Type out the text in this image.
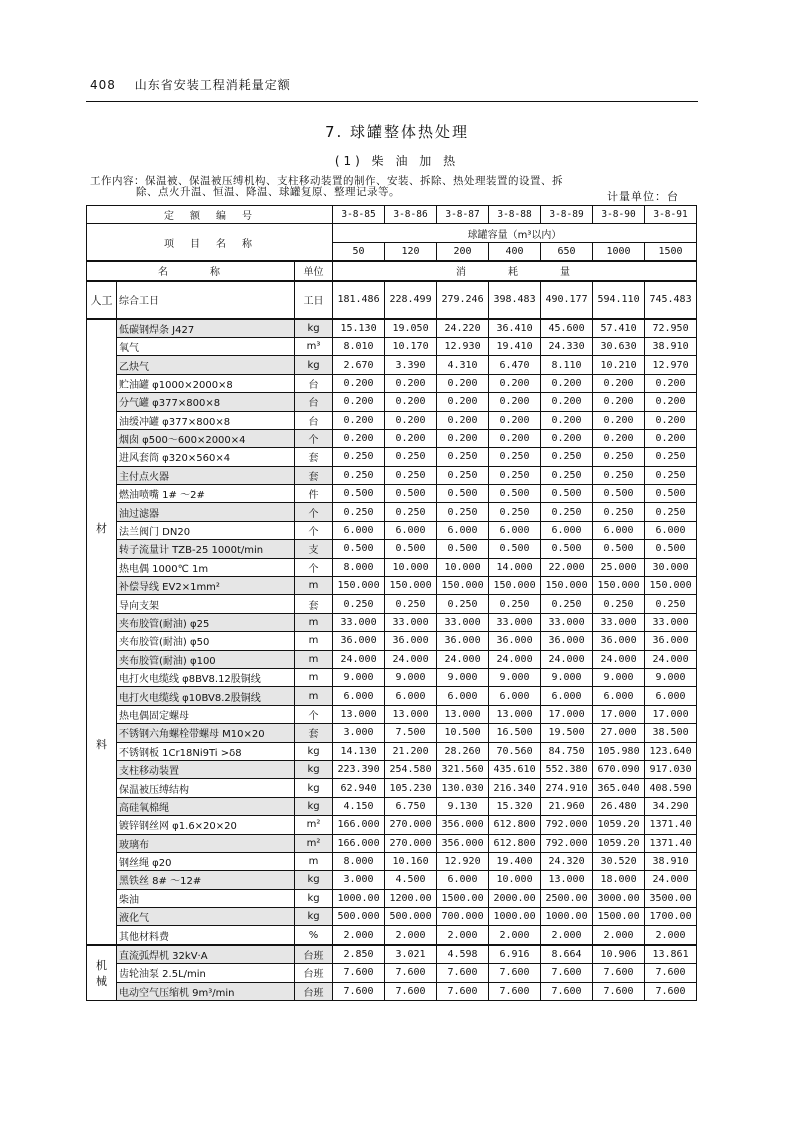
408 山东省安装工程消耗量定额
7. 球罐整体热处理
(1) 柴 油 加 热
工作内容：保温被、保温被压缚机构、支柱移动装置的制作、安装、拆除、热处理装置的设置、拆
除、点火升温、恒温、降温、球罐复原、整理记录等。	计量单位：台
定　额　编　号			3-8-85	3-8-86	3-8-87	3-8-88	3-8-89	3-8-90	3-8-91
项　目　名　称			球罐容量（m³以内）						
			50	120	200	400	650	1000	1500
名　　　称		单位	消　　　耗　　　量						
人工	综合工日	工日	181.486	228.499	279.246	398.483	490.177	594.110	745.483

材
料	低碳钢焊条 J427	kg	15.130	19.050	24.220	36.410	45.600	57.410	72.950
	氧气	m³	8.010	10.170	12.930	19.410	24.330	30.630	38.910
	乙炔气	kg	2.670	3.390	4.310	6.470	8.110	10.210	12.970
	贮油罐 φ1000×2000×8	台	0.200	0.200	0.200	0.200	0.200	0.200	0.200
	分气罐 φ377×800×8	台	0.200	0.200	0.200	0.200	0.200	0.200	0.200
	油缓冲罐 φ377×800×8	台	0.200	0.200	0.200	0.200	0.200	0.200	0.200
	烟囱 φ500～600×2000×4	个	0.200	0.200	0.200	0.200	0.200	0.200	0.200
	进风套筒 φ320×560×4	套	0.250	0.250	0.250	0.250	0.250	0.250	0.250
	主付点火器	套	0.250	0.250	0.250	0.250	0.250	0.250	0.250
	燃油喷嘴 1# ～2#	件	0.500	0.500	0.500	0.500	0.500	0.500	0.500
	油过滤器	个	0.250	0.250	0.250	0.250	0.250	0.250	0.250
	法兰阀门 DN20	个	6.000	6.000	6.000	6.000	6.000	6.000	6.000
	转子流量计 TZB-25 1000t/min	支	0.500	0.500	0.500	0.500	0.500	0.500	0.500
	热电偶 1000℃ 1m	个	8.000	10.000	10.000	14.000	22.000	25.000	30.000
	补偿导线 EV2×1mm²	m	150.000	150.000	150.000	150.000	150.000	150.000	150.000
	导向支架	套	0.250	0.250	0.250	0.250	0.250	0.250	0.250
	夹布胶管(耐油) φ25	m	33.000	33.000	33.000	33.000	33.000	33.000	33.000
	夹布胶管(耐油) φ50	m	36.000	36.000	36.000	36.000	36.000	36.000	36.000
	夹布胶管(耐油) φ100	m	24.000	24.000	24.000	24.000	24.000	24.000	24.000
	电打火电缆线 φ8BV8.12股铜线	m	9.000	9.000	9.000	9.000	9.000	9.000	9.000
	电打火电缆线 φ10BV8.2股铜线	m	6.000	6.000	6.000	6.000	6.000	6.000	6.000
	热电偶固定螺母	个	13.000	13.000	13.000	13.000	17.000	17.000	17.000
	不锈钢六角螺栓带螺母 M10×20	套	3.000	7.500	10.500	16.500	19.500	27.000	38.500
	不锈钢板 1Cr18Ni9Ti >δ8	kg	14.130	21.200	28.260	70.560	84.750	105.980	123.640
	支柱移动装置	kg	223.390	254.580	321.560	435.610	552.380	670.090	917.030
	保温被压缚结构	kg	62.940	105.230	130.030	216.340	274.910	365.040	408.590
	高硅氧棉绳	kg	4.150	6.750	9.130	15.320	21.960	26.480	34.290
	镀锌钢丝网 φ1.6×20×20	m²	166.000	270.000	356.000	612.800	792.000	1059.20	1371.40
	玻璃布	m²	166.000	270.000	356.000	612.800	792.000	1059.20	1371.40
	钢丝绳 φ20	m	8.000	10.160	12.920	19.400	24.320	30.520	38.910
	黑铁丝 8# ～12#	kg	3.000	4.500	6.000	10.000	13.000	18.000	24.000
	柴油	kg	1000.00	1200.00	1500.00	2000.00	2500.00	3000.00	3500.00
	液化气	kg	500.000	500.000	700.000	1000.00	1000.00	1500.00	1700.00
	其他材料费	%	2.000	2.000	2.000	2.000	2.000	2.000	2.000

机
械	直流弧焊机 32kV·A	台班	2.850	3.021	4.598	6.916	8.664	10.906	13.861
	齿轮油泵 2.5L/min	台班	7.600	7.600	7.600	7.600	7.600	7.600	7.600
	电动空气压缩机 9m³/min	台班	7.600	7.600	7.600	7.600	7.600	7.600	7.600
